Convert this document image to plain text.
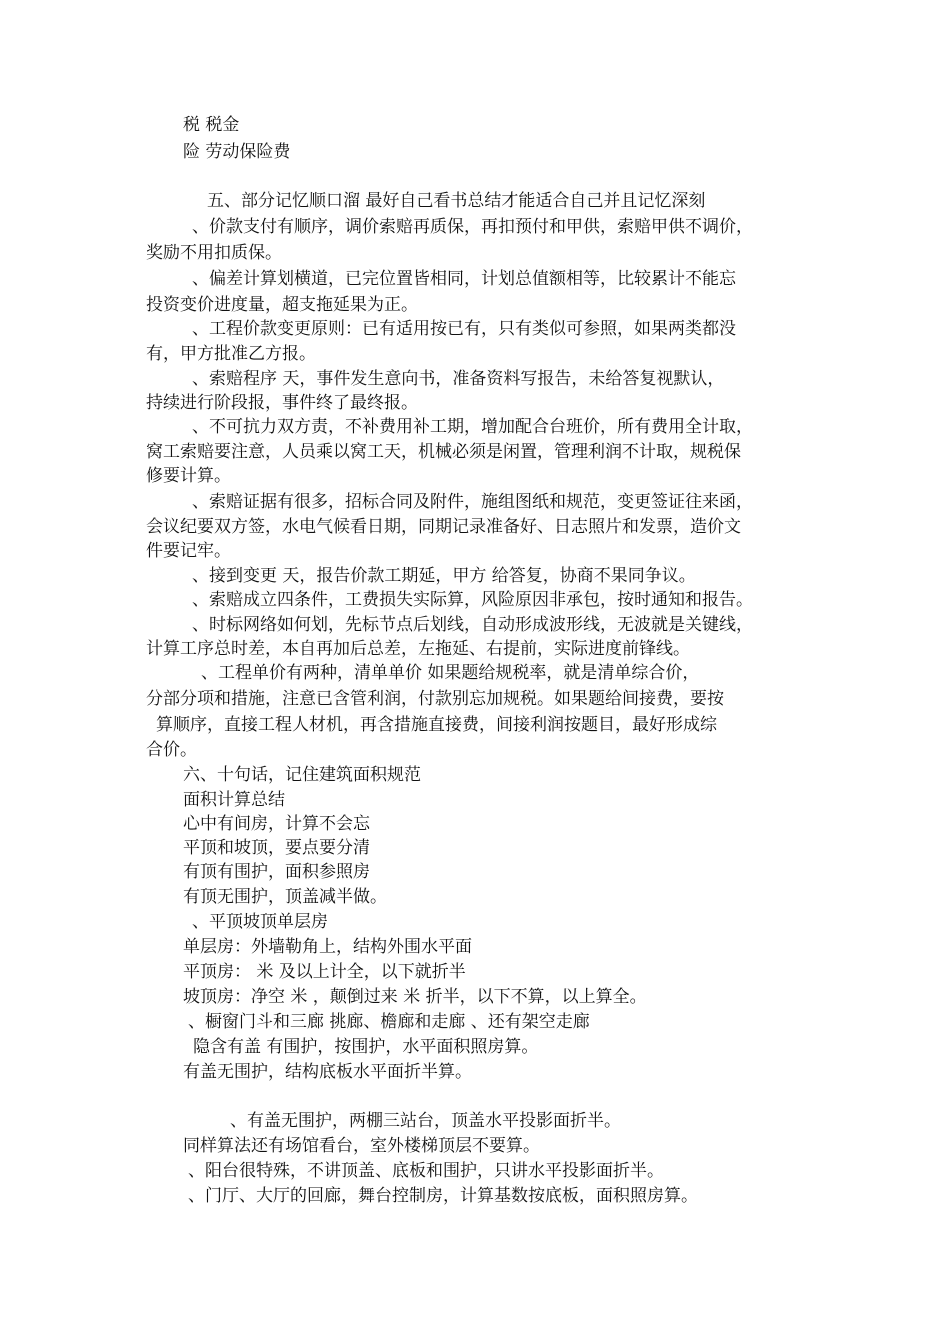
税 税金

险 劳动保险费

五、部分记忆顺口溜 最好自己看书总结才能适合自己并且记忆深刻

、价款支付有顺序，调价索赔再质保，再扣预付和甲供，索赔甲供不调价，

奖励不用扣质保。

、偏差计算划横道，已完位置皆相同，计划总值额相等，比较累计不能忘

投资变价进度量，超支拖延果为正。

、工程价款变更原则：已有适用按已有，只有类似可参照，如果两类都没

有，甲方批准乙方报。

、索赔程序 天，事件发生意向书，准备资料写报告，未给答复视默认，

持续进行阶段报，事件终了最终报。

、不可抗力双方责，不补费用补工期，增加配合台班价，所有费用全计取，

窝工索赔要注意，人员乘以窝工天，机械必须是闲置，管理利润不计取，规税保

修要计算。

、索赔证据有很多，招标合同及附件，施组图纸和规范，变更签证往来函，

会议纪要双方签，水电气候看日期，同期记录准备好、日志照片和发票，造价文

件要记牢。

、接到变更 天，报告价款工期延，甲方 给答复，协商不果同争议。

、索赔成立四条件，工费损失实际算，风险原因非承包，按时通知和报告。

、时标网络如何划，先标节点后划线，自动形成波形线，无波就是关键线，

计算工序总时差，本自再加后总差，左拖延、右提前，实际进度前锋线。

、工程单价有两种，清单单价 如果题给规税率，就是清单综合价，

分部分项和措施，注意已含管利润，付款别忘加规税。如果题给间接费，要按

算顺序，直接工程人材机，再含措施直接费，间接利润按题目，最好形成综

合价。

六、十句话，记住建筑面积规范

面积计算总结

心中有间房，计算不会忘

平顶和坡顶，要点要分清

有顶有围护，面积参照房

有顶无围护，顶盖减半做。

、平顶坡顶单层房

单层房：外墙勒角上，结构外围水平面

平顶房： 米 及以上计全，以下就折半

坡顶房：净空 米 ，颠倒过来 米 折半，以下不算，以上算全。

、橱窗门斗和三廊 挑廊、檐廊和走廊 、还有架空走廊

隐含有盖 有围护，按围护，水平面积照房算。

有盖无围护，结构底板水平面折半算。

、有盖无围护，两棚三站台，顶盖水平投影面折半。

同样算法还有场馆看台，室外楼梯顶层不要算。

、阳台很特殊，不讲顶盖、底板和围护，只讲水平投影面折半。

、门厅、大厅的回廊，舞台控制房，计算基数按底板，面积照房算。
